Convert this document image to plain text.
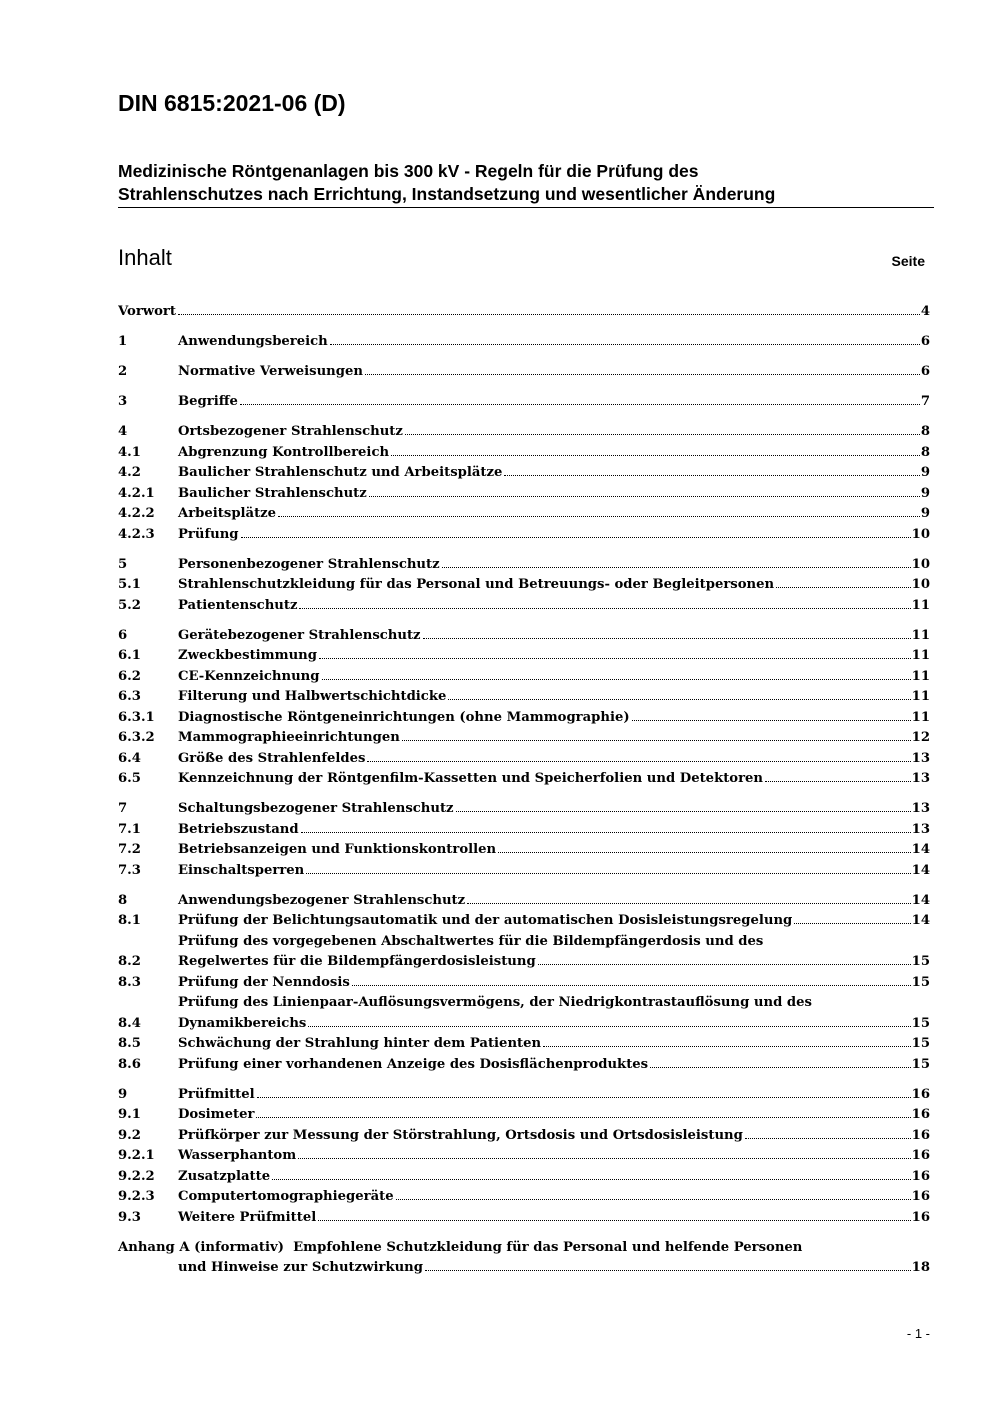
DIN 6815:2021-06 (D)
Medizinische Röntgenanlagen bis 300 kV - Regeln für die Prüfung des
Strahlenschutzes nach Errichtung, Instandsetzung und wesentlicher Änderung
Inhalt	Seite
Vorwort	4
1	Anwendungsbereich	6
2	Normative Verweisungen	6
3	Begriffe	7
4	Ortsbezogener Strahlenschutz	8
4.1	Abgrenzung Kontrollbereich	8
4.2	Baulicher Strahlenschutz und Arbeitsplätze	9
4.2.1	Baulicher Strahlenschutz	9
4.2.2	Arbeitsplätze	9
4.2.3	Prüfung	10
5	Personenbezogener Strahlenschutz	10
5.1	Strahlenschutzkleidung für das Personal und Betreuungs- oder Begleitpersonen	10
5.2	Patientenschutz	11
6	Gerätebezogener Strahlenschutz	11
6.1	Zweckbestimmung	11
6.2	CE-Kennzeichnung	11
6.3	Filterung und Halbwertschichtdicke	11
6.3.1	Diagnostische Röntgeneinrichtungen (ohne Mammographie)	11
6.3.2	Mammographieeinrichtungen	12
6.4	Größe des Strahlenfeldes	13
6.5	Kennzeichnung der Röntgenfilm-Kassetten und Speicherfolien und Detektoren	13
7	Schaltungsbezogener Strahlenschutz	13
7.1	Betriebszustand	13
7.2	Betriebsanzeigen und Funktionskontrollen	14
7.3	Einschaltsperren	14
8	Anwendungsbezogener Strahlenschutz	14
8.1	Prüfung der Belichtungsautomatik und der automatischen Dosisleistungsregelung	14
8.2
Prüfung des vorgegebenen Abschaltwertes für die Bildempfängerdosis und des
Regelwertes für die Bildempfängerdosisleistung	15
8.3	Prüfung der Nenndosis	15
8.4
Prüfung des Linienpaar-Auflösungsvermögens, der Niedrigkontrastauflösung und des
Dynamikbereichs	15
8.5	Schwächung der Strahlung hinter dem Patienten	15
8.6	Prüfung einer vorhandenen Anzeige des Dosisflächenproduktes	15
9	Prüfmittel	16
9.1	Dosimeter	16
9.2	Prüfkörper zur Messung der Störstrahlung, Ortsdosis und Ortsdosisleistung	16
9.2.1	Wasserphantom	16
9.2.2	Zusatzplatte	16
9.2.3	Computertomographiegeräte	16
9.3	Weitere Prüfmittel	16
Anhang A (informativ)  Empfohlene Schutzkleidung für das Personal und helfende Personen
und Hinweise zur Schutzwirkung	18
- 1 -
